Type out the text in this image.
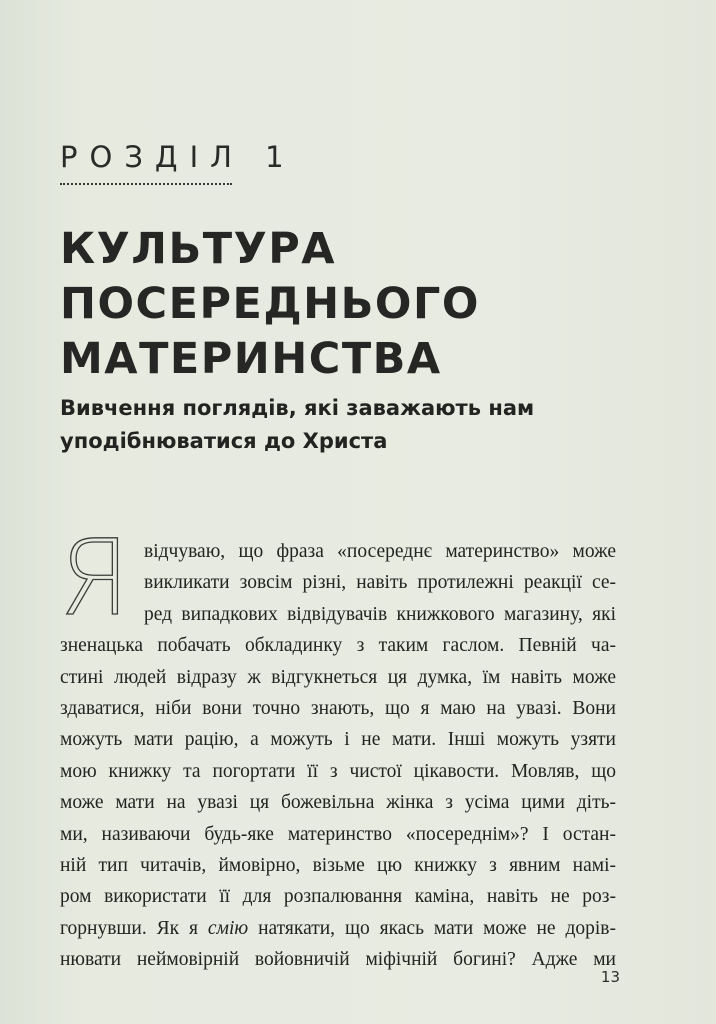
РОЗДІЛ 1
КУЛЬТУРА
ПОСЕРЕДНЬОГО
МАТЕРИНСТВА
Вивчення поглядів, які заважають нам
уподібнюватися до Христа
Я відчуваю, що фраза «посереднє материнство» може
викликати зовсім різні, навіть протилежні реакції се-
ред випадкових відвідувачів книжкового магазину, які
зненацька побачать обкладинку з таким гаслом. Певній ча-
стині людей відразу ж відгукнеться ця думка, їм навіть може
здаватися, ніби вони точно знають, що я маю на увазі. Вони
можуть мати рацію, а можуть і не мати. Інші можуть узяти
мою книжку та погортати її з чистої цікавости. Мовляв, що
може мати на увазі ця божевільна жінка з усіма цими діть-
ми, називаючи будь-яке материнство «посереднім»? І остан-
ній тип читачів, ймовірно, візьме цю книжку з явним намі-
ром використати її для розпалювання каміна, навіть не роз-
горнувши. Як я смію натякати, що якась мати може не дорів-
нювати неймовірній войовничій міфічній богині? Адже ми
13
